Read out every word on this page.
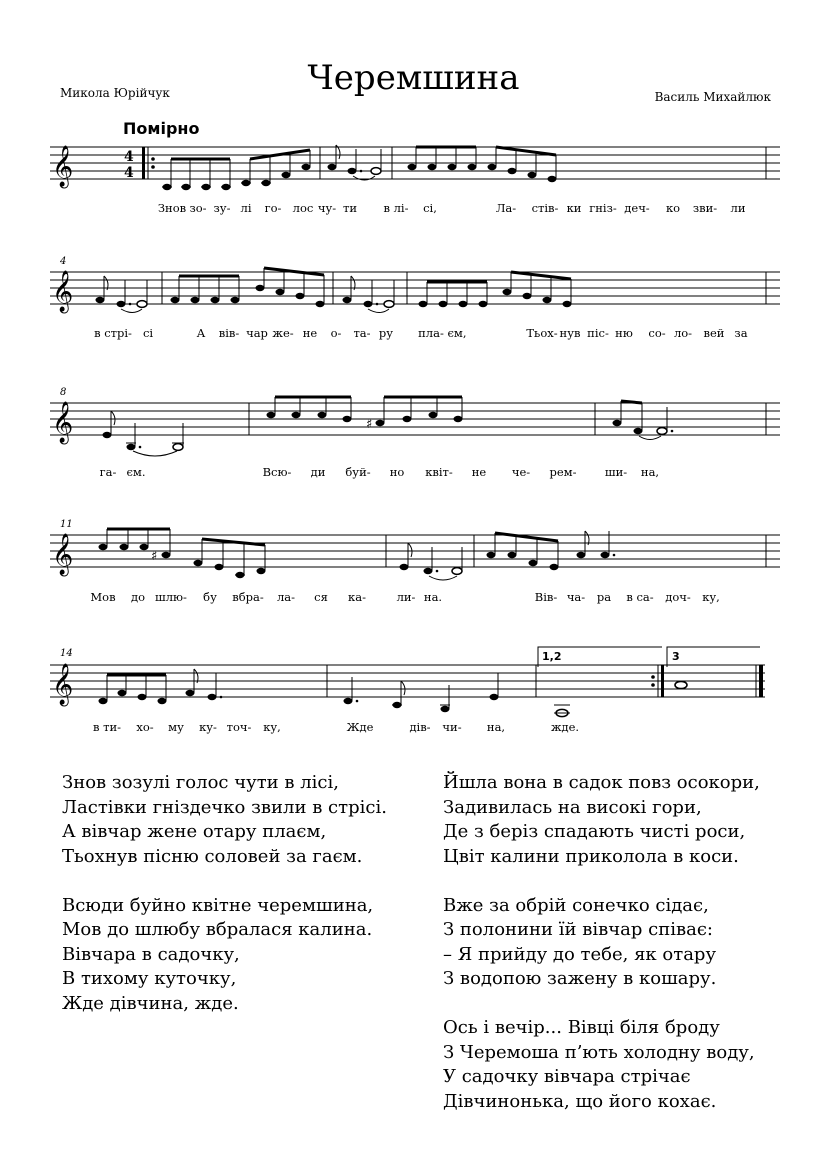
Черемшина
Микола Юрійчук	Василь Михайлюк
Помірно
𝄞	4
4
Знов зо- зу- лі го- лос чу- ти в лі- сі,	Ла- стів- ки гніз- деч- ко зви- ли
4
𝄞
в стрі- сі	А вів- чар же- не о- та- ру пла- єм,	Тьох- нув піс- ню со- ло- вей за
8
𝄞	♯
га- єм.	Всю- ди буй- но квіт- не че- рем- ши- на,
11
𝄞	♯
Мов до шлю- бу вбра- ла- ся ка-	ли- на.	Вів- ча- ра в са- доч- ку,
14	1,2	3
𝄞
в ти- хо- му ку- точ- ку,	Жде	дів- чи- на,	жде.
Знов зозулі голос чути в лісі,
Ластівки гніздечко звили в стрісі.
А вівчар жене отару плаєм,
Тьохнув пісню соловей за гаєм.
Всюди буйно квітне черемшина,
Мов до шлюбу вбралася калина.
Вівчара в садочку,
В тихому куточку,
Жде дівчина, жде.
Йшла вона в садок повз осокори,
Задивилась на високі гори,
Де з беріз спадають чисті роси,
Цвіт калини приколола в коси.
Вже за обрій сонечко сідає,
З полонини їй вівчар співає:
– Я прийду до тебе, як отару
З водопою зажену в кошару.
Ось і вечір... Вівці біля броду
З Черемоша п’ють холодну воду,
У садочку вівчара стрічає
Дівчинонька, що його кохає.
